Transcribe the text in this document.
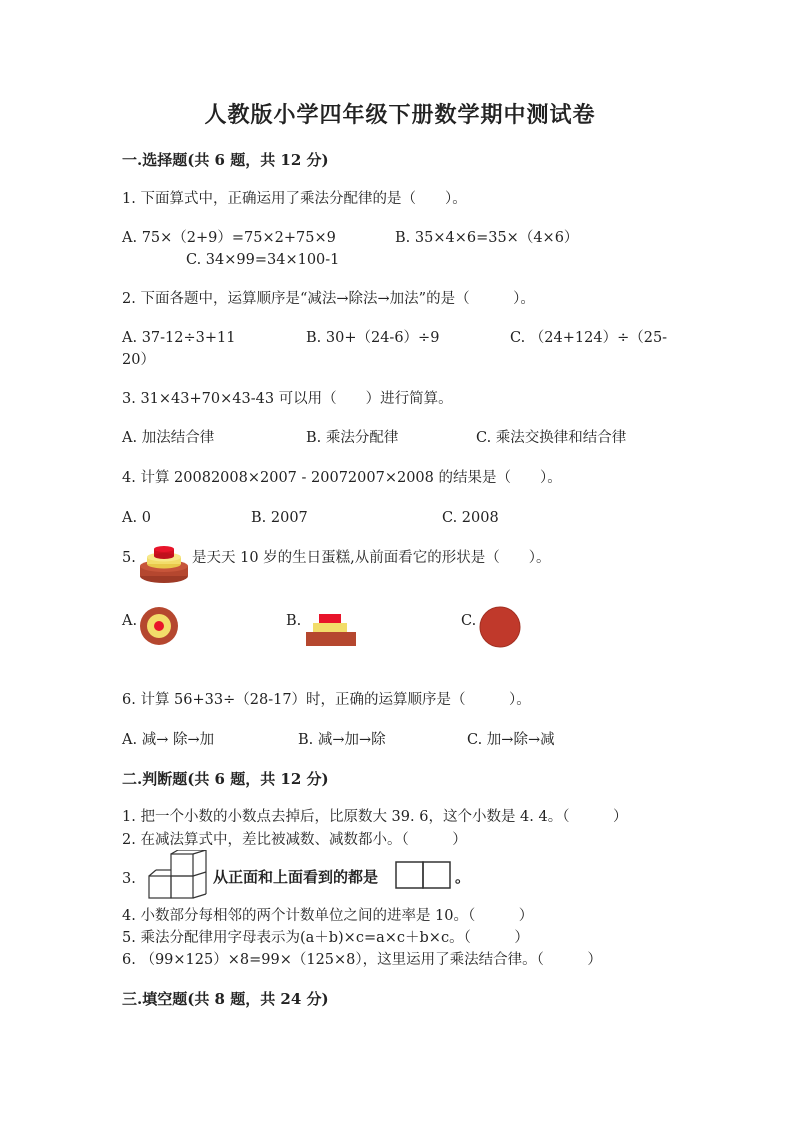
人教版小学四年级下册数学期中测试卷
一.选择题(共 6 题，共 12 分)
1. 下面算式中，正确运用了乘法分配律的是（　　）。
A. 75×（2+9）=75×2+75×9	B. 35×4×6=35×（4×6）
C. 34×99=34×100-1
2. 下面各题中，运算顺序是“减法→除法→加法”的是（　　　）。
A. 37-12÷3+11	B. 30+（24-6）÷9	C. （24+124）÷（25-
20）
3. 31×43+70×43-43 可以用（　　）进行简算。
A. 加法结合律	B. 乘法分配律	C. 乘法交换律和结合律
4. 计算 20082008×2007 - 20072007×2008 的结果是（　　）。
A. 0	B. 2007	C. 2008
5.	是天天 10 岁的生日蛋糕,从前面看它的形状是（　　）。
A.	B.	C.
6. 计算 56+33÷（28-17）时，正确的运算顺序是（　　　）。
A. 减→ 除→加	B. 减→加→除	C. 加→除→减
二.判断题(共 6 题，共 12 分)
1. 把一个小数的小数点去掉后，比原数大 39. 6，这个小数是 4. 4。（　　　）
2. 在减法算式中，差比被减数、减数都小。（　　　）
3.	从正面和上面看到的都是	。
4. 小数部分每相邻的两个计数单位之间的进率是 10。（　　　）
5. 乘法分配律用字母表示为(a＋b)×c=a×c＋b×c。（　　　）
6. （99×125）×8=99×（125×8），这里运用了乘法结合律。（　　　）
三.填空题(共 8 题，共 24 分)
